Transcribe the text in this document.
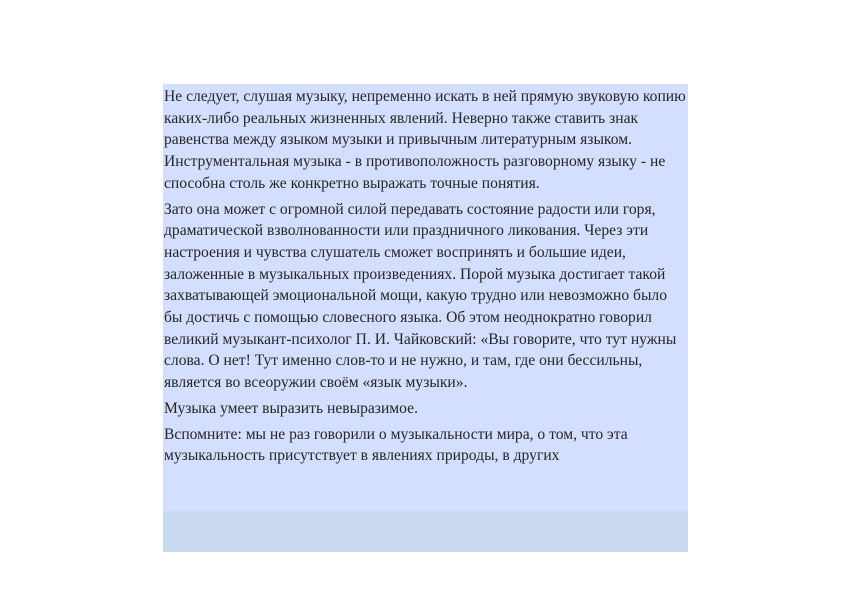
Не следует, слушая музыку, непременно искать в ней прямую звуковую копию каких-либо реальных жизненных явлений. Неверно также ставить знак равенства между языком музыки и привычным литературным языком. Инструментальная музыка - в противоположность разговорному языку - не способна столь же конкретно выражать точные понятия.

Зато она может с огромной силой передавать состояние радости или горя, драматической взволнованности или праздничного ликования. Через эти настроения и чувства слушатель сможет воспринять и большие идеи, заложенные в музыкальных произведениях. Порой музыка достигает такой захватывающей эмоциональной мощи, какую трудно или невозможно было бы достичь с помощью словесного языка. Об этом неоднократно говорил великий музыкант-психолог П. И. Чайковский: «Вы говорите, что тут нужны слова. О нет! Тут именно слов-то и не нужно, и там, где они бессильны, является во всеоружии своём «язык музыки».

Музыка умеет выразить невыразимое.

Вспомните: мы не раз говорили о музыкальности мира, о том, что эта музыкальность присутствует в явлениях природы, в других
